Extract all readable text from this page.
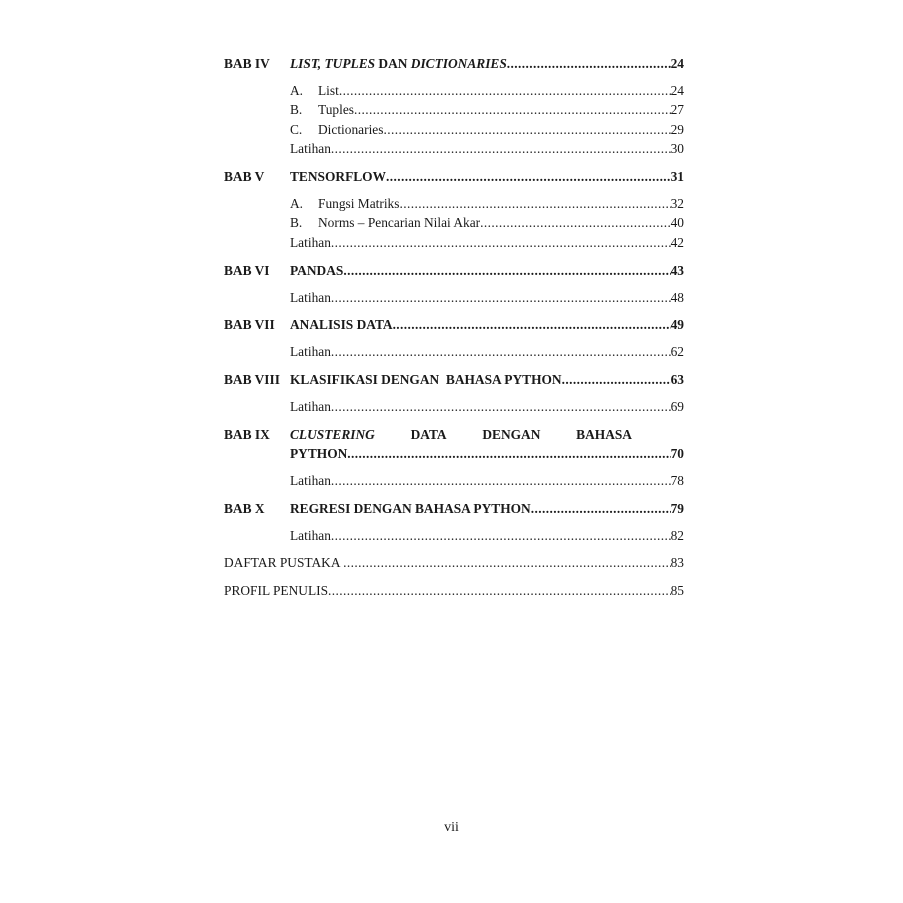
BAB IV LIST, TUPLES DAN DICTIONARIES .....	24
A.	List .....	24
B.	Tuples .....	27
C.	Dictionaries .....	29
Latihan .....	30
BAB V TENSORFLOW .....	31
A.	Fungsi Matriks .....	32
B.	Norms – Pencarian Nilai Akar .....	40
Latihan .....	42
BAB VI PANDAS .....	43
Latihan .....	48
BAB VII ANALISIS DATA .....	49
Latihan .....	62
BAB VIII KLASIFIKASI DENGAN  BAHASA PYTHON .....	63
Latihan .....	69
BAB IX CLUSTERING	DATA	DENGAN	BAHASA
PYTHON .....	70
Latihan .....	78
BAB X REGRESI DENGAN BAHASA PYTHON .....	79
Latihan .....	82
DAFTAR PUSTAKA .....	83
PROFIL PENULIS .....	85
vii
